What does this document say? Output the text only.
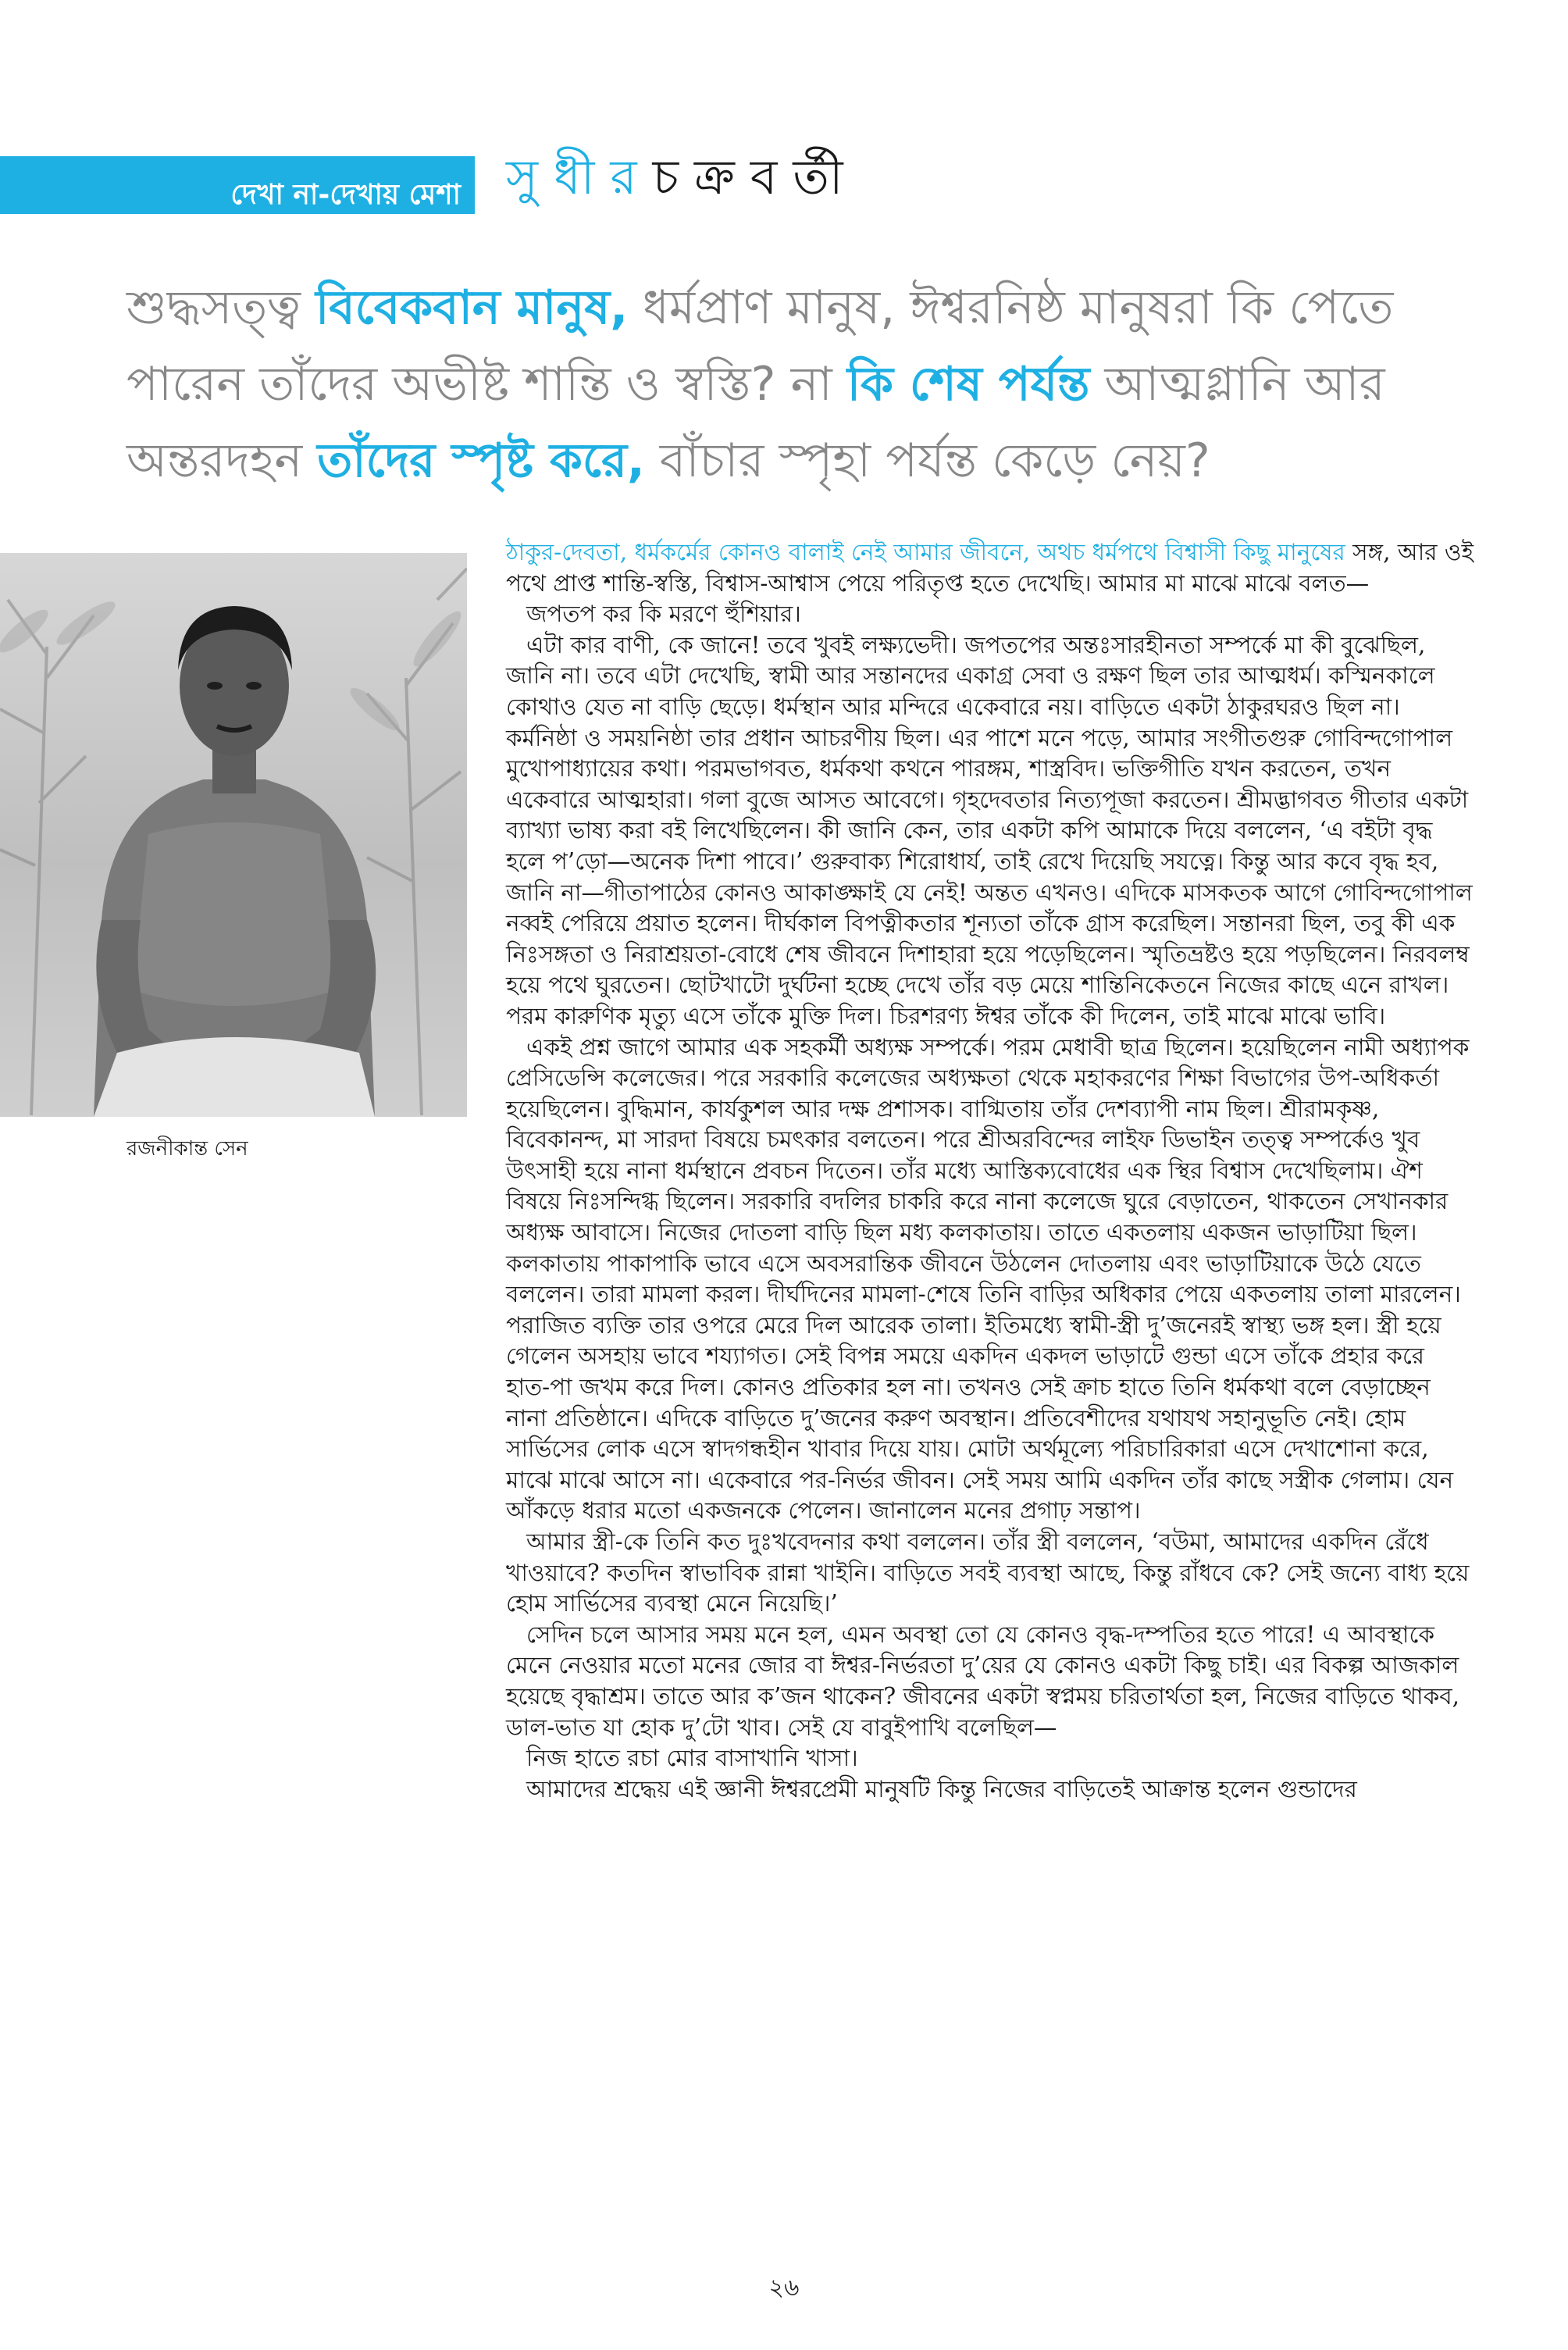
দেখা না-দেখায় মেশা সুধীরচক্রবর্তী
শুদ্ধসত্ত্ব বিবেকবান মানুষ, ধর্মপ্রাণ মানুষ, ঈশ্বরনিষ্ঠ মানুষরা কি পেতে পারেন তাঁদের অভীষ্ট শান্তি ও স্বস্তি? না কি শেষ পর্যন্ত আত্মগ্লানি আর অন্তরদহন তাঁদের স্পৃষ্ট করে, বাঁচার স্পৃহা পর্যন্ত কেড়ে নেয়?
রজনীকান্ত সেন

ঠাকুর-দেবতা, ধর্মকর্মের কোনও বালাই নেই আমার জীবনে, অথচ ধর্মপথে বিশ্বাসী কিছু মানুষের সঙ্গ, আর ওই পথে প্রাপ্ত শান্তি-স্বস্তি, বিশ্বাস-আশ্বাস পেয়ে পরিতৃপ্ত হতে দেখেছি। আমার মা মাঝে মাঝে বলত—

জপতপ কর কি মরণে হুঁশিয়ার।

এটা কার বাণী, কে জানে! তবে খুবই লক্ষ্যভেদী। জপতপের অন্তঃসারহীনতা সম্পর্কে মা কী বুঝেছিল, জানি না। তবে এটা দেখেছি, স্বামী আর সন্তানদের একাগ্র সেবা ও রক্ষণ ছিল তার আত্মধর্ম। কস্মিনকালে কোথাও যেত না বাড়ি ছেড়ে। ধর্মস্থান আর মন্দিরে একেবারে নয়। বাড়িতে একটা ঠাকুরঘরও ছিল না। কর্মনিষ্ঠা ও সময়নিষ্ঠা তার প্রধান আচরণীয় ছিল। এর পাশে মনে পড়ে, আমার সংগীতগুরু গোবিন্দগোপাল মুখোপাধ্যায়ের কথা। পরমভাগবত, ধর্মকথা কথনে পারঙ্গম, শাস্ত্রবিদ। ভক্তিগীতি যখন করতেন, তখন একেবারে আত্মহারা। গলা বুজে আসত আবেগে। গৃহদেবতার নিত্যপূজা করতেন। শ্রীমদ্ভাগবত গীতার একটা ব্যাখ্যা ভাষ্য করা বই লিখেছিলেন। কী জানি কেন, তার একটা কপি আমাকে দিয়ে বললেন, ‘এ বইটা বৃদ্ধ হলে প’ড়ো—অনেক দিশা পাবে।’ গুরুবাক্য শিরোধার্য, তাই রেখে দিয়েছি সযত্নে। কিন্তু আর কবে বৃদ্ধ হব, জানি না—গীতাপাঠের কোনও আকাঙ্ক্ষাই যে নেই! অন্তত এখনও। এদিকে মাসকতক আগে গোবিন্দগোপাল নব্বই পেরিয়ে প্রয়াত হলেন। দীর্ঘকাল বিপত্নীকতার শূন্যতা তাঁকে গ্রাস করেছিল। সন্তানরা ছিল, তবু কী এক নিঃসঙ্গতা ও নিরাশ্রয়তা-বোধে শেষ জীবনে দিশাহারা হয়ে পড়েছিলেন। স্মৃতিভ্রষ্টও হয়ে পড়ছিলেন। নিরবলম্ব হয়ে পথে ঘুরতেন। ছোটখাটো দুর্ঘটনা হচ্ছে দেখে তাঁর বড় মেয়ে শান্তিনিকেতনে নিজের কাছে এনে রাখল। পরম কারুণিক মৃত্যু এসে তাঁকে মুক্তি দিল। চিরশরণ্য ঈশ্বর তাঁকে কী দিলেন, তাই মাঝে মাঝে ভাবি।

একই প্রশ্ন জাগে আমার এক সহকর্মী অধ্যক্ষ সম্পর্কে। পরম মেধাবী ছাত্র ছিলেন। হয়েছিলেন নামী অধ্যাপক প্রেসিডেন্সি কলেজের। পরে সরকারি কলেজের অধ্যক্ষতা থেকে মহাকরণের শিক্ষা বিভাগের উপ-অধিকর্তা হয়েছিলেন। বুদ্ধিমান, কার্যকুশল আর দক্ষ প্রশাসক। বাগ্মিতায় তাঁর দেশব্যাপী নাম ছিল। শ্রীরামকৃষ্ণ, বিবেকানন্দ, মা সারদা বিষয়ে চমৎকার বলতেন। পরে শ্রীঅরবিন্দের লাইফ ডিভাইন তত্ত্ব সম্পর্কেও খুব উৎসাহী হয়ে নানা ধর্মস্থানে প্রবচন দিতেন। তাঁর মধ্যে আস্তিক্যবোধের এক স্থির বিশ্বাস দেখেছিলাম। ঐশ বিষয়ে নিঃসন্দিগ্ধ ছিলেন। সরকারি বদলির চাকরি করে নানা কলেজে ঘুরে বেড়াতেন, থাকতেন সেখানকার অধ্যক্ষ আবাসে। নিজের দোতলা বাড়ি ছিল মধ্য কলকাতায়। তাতে একতলায় একজন ভাড়াটিয়া ছিল। কলকাতায় পাকাপাকি ভাবে এসে অবসরান্তিক জীবনে উঠলেন দোতলায় এবং ভাড়াটিয়াকে উঠে যেতে বললেন। তারা মামলা করল। দীর্ঘদিনের মামলা-শেষে তিনি বাড়ির অধিকার পেয়ে একতলায় তালা মারলেন। পরাজিত ব্যক্তি তার ওপরে মেরে দিল আরেক তালা। ইতিমধ্যে স্বামী-স্ত্রী দু’জনেরই স্বাস্থ্য ভঙ্গ হল। স্ত্রী হয়ে গেলেন অসহায় ভাবে শয্যাগত। সেই বিপন্ন সময়ে একদিন একদল ভাড়াটে গুন্ডা এসে তাঁকে প্রহার করে হাত-পা জখম করে দিল। কোনও প্রতিকার হল না। তখনও সেই ক্রাচ হাতে তিনি ধর্মকথা বলে বেড়াচ্ছেন নানা প্রতিষ্ঠানে। এদিকে বাড়িতে দু’জনের করুণ অবস্থান। প্রতিবেশীদের যথাযথ সহানুভূতি নেই। হোম সার্ভিসের লোক এসে স্বাদগন্ধহীন খাবার দিয়ে যায়। মোটা অর্থমূল্যে পরিচারিকারা এসে দেখাশোনা করে, মাঝে মাঝে আসে না। একেবারে পর-নির্ভর জীবন। সেই সময় আমি একদিন তাঁর কাছে সস্ত্রীক গেলাম। যেন আঁকড়ে ধরার মতো একজনকে পেলেন। জানালেন মনের প্রগাঢ় সন্তাপ।

আমার স্ত্রী-কে তিনি কত দুঃখবেদনার কথা বললেন। তাঁর স্ত্রী বললেন, ‘বউমা, আমাদের একদিন রেঁধে খাওয়াবে? কতদিন স্বাভাবিক রান্না খাইনি। বাড়িতে সবই ব্যবস্থা আছে, কিন্তু রাঁধবে কে? সেই জন্যে বাধ্য হয়ে হোম সার্ভিসের ব্যবস্থা মেনে নিয়েছি।’

সেদিন চলে আসার সময় মনে হল, এমন অবস্থা তো যে কোনও বৃদ্ধ-দম্পতির হতে পারে! এ আবস্থাকে মেনে নেওয়ার মতো মনের জোর বা ঈশ্বর-নির্ভরতা দু’য়ের যে কোনও একটা কিছু চাই। এর বিকল্প আজকাল হয়েছে বৃদ্ধাশ্রম। তাতে আর ক’জন থাকেন? জীবনের একটা স্বপ্নময় চরিতার্থতা হল, নিজের বাড়িতে থাকব, ডাল-ভাত যা হোক দু’টো খাব। সেই যে বাবুইপাখি বলেছিল—

নিজ হাতে রচা মোর বাসাখানি খাসা।

আমাদের শ্রদ্ধেয় এই জ্ঞানী ঈশ্বরপ্রেমী মানুষটি কিন্তু নিজের বাড়িতেই আক্রান্ত হলেন গুন্ডাদের

২৬
